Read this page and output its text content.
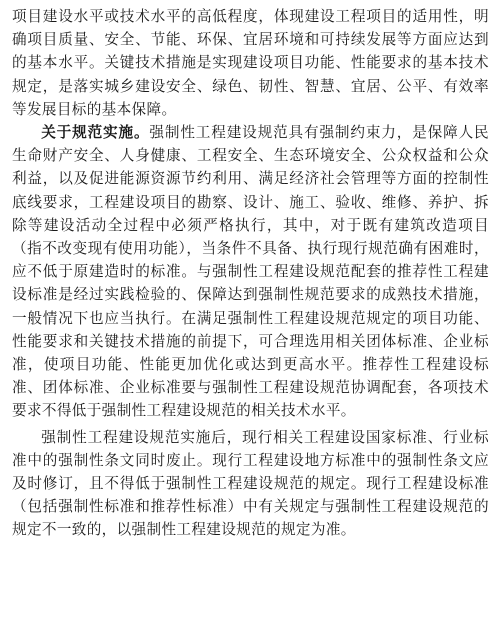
项目建设水平或技术水平的高低程度，体现建设工程项目的适用性，明确项目质量、安全、节能、环保、宜居环境和可持续发展等方面应达到的基本水平。关键技术措施是实现建设项目功能、性能要求的基本技术规定，是落实城乡建设安全、绿色、韧性、智慧、宜居、公平、有效率等发展目标的基本保障。

关于规范实施。强制性工程建设规范具有强制约束力，是保障人民生命财产安全、人身健康、工程安全、生态环境安全、公众权益和公众利益，以及促进能源资源节约利用、满足经济社会管理等方面的控制性底线要求，工程建设项目的勘察、设计、施工、验收、维修、养护、拆除等建设活动全过程中必须严格执行，其中，对于既有建筑改造项目（指不改变现有使用功能），当条件不具备、执行现行规范确有困难时，应不低于原建造时的标准。与强制性工程建设规范配套的推荐性工程建设标准是经过实践检验的、保障达到强制性规范要求的成熟技术措施，一般情况下也应当执行。在满足强制性工程建设规范规定的项目功能、性能要求和关键技术措施的前提下，可合理选用相关团体标准、企业标准，使项目功能、性能更加优化或达到更高水平。推荐性工程建设标准、团体标准、企业标准要与强制性工程建设规范协调配套，各项技术要求不得低于强制性工程建设规范的相关技术水平。

强制性工程建设规范实施后，现行相关工程建设国家标准、行业标准中的强制性条文同时废止。现行工程建设地方标准中的强制性条文应及时修订，且不得低于强制性工程建设规范的规定。现行工程建设标准（包括强制性标准和推荐性标准）中有关规定与强制性工程建设规范的规定不一致的，以强制性工程建设规范的规定为准。
